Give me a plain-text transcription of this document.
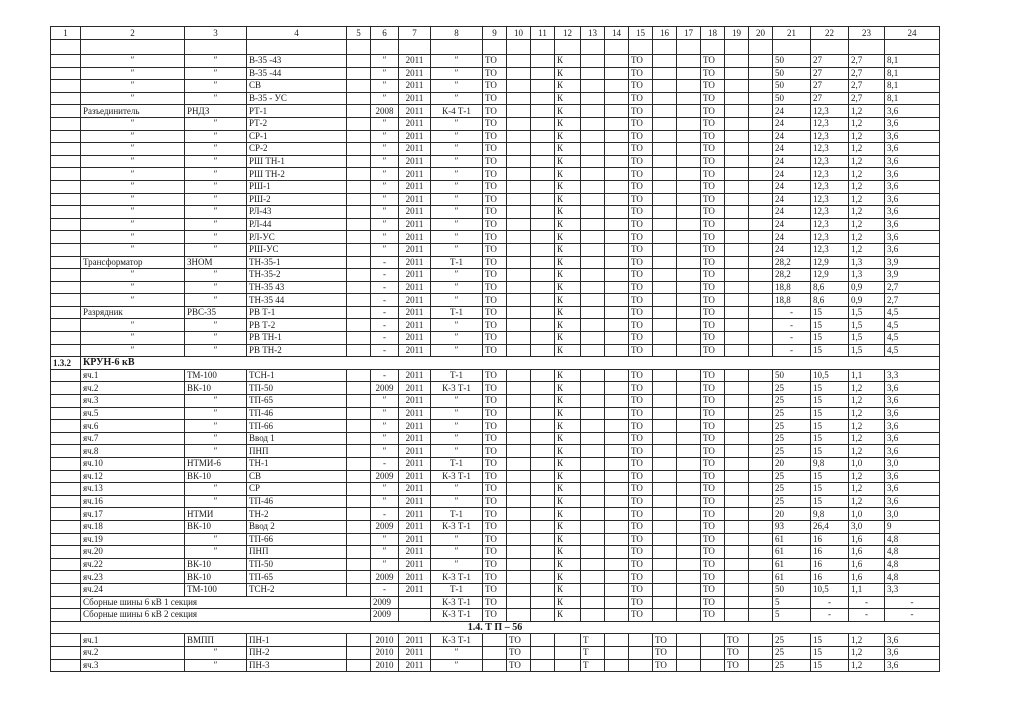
1	2	3	4	5	6	7	8	9	10	11	12	13	14	15	16	17	18	19	20	21	22	23	24

	″	″	В-35 -43		″	2011	″	ТО			К			ТО			ТО			50	27	2,7	8,1
	″	″	В-35 -44		″	2011	″	ТО			К			ТО			ТО			50	27	2,7	8,1
	″	″	СВ		″	2011	″	ТО			К			ТО			ТО			50	27	2,7	8,1
	″	″	В-35 - УС		″	2011	″	ТО			К			ТО			ТО			50	27	2,7	8,1
	Разъединитель	РНДЗ	РТ-1		2008	2011	К-4 Т-1	ТО			К			ТО			ТО			24	12,3	1,2	3,6
	″	″	РТ-2		″	2011	″	ТО			К			ТО			ТО			24	12,3	1,2	3,6
	″	″	СР-1		″	2011	″	ТО			К			ТО			ТО			24	12,3	1,2	3,6
	″	″	СР-2		″	2011	″	ТО			К			ТО			ТО			24	12,3	1,2	3,6
	″	″	РШ ТН-1		″	2011	″	ТО			К			ТО			ТО			24	12,3	1,2	3,6
	″	″	РШ ТН-2		″	2011	″	ТО			К			ТО			ТО			24	12,3	1,2	3,6
	″	″	РШ-1		″	2011	″	ТО			К			ТО			ТО			24	12,3	1,2	3,6
	″	″	РШ-2		″	2011	″	ТО			К			ТО			ТО			24	12,3	1,2	3,6
	″	″	РЛ-43		″	2011	″	ТО			К			ТО			ТО			24	12,3	1,2	3,6
	″	″	РЛ-44		″	2011	″	ТО			К			ТО			ТО			24	12,3	1,2	3,6
	″	″	РЛ-УС		″	2011	″	ТО			К			ТО			ТО			24	12,3	1,2	3,6
	″	″	РШ-УС		″	2011	″	ТО			К			ТО			ТО			24	12,3	1,2	3,6
	Трансформатор	ЗНОМ	ТН-35-1		-	2011	Т-1	ТО			К			ТО			ТО			28,2	12,9	1,3	3,9
	″	″	ТН-35-2		-	2011	″	ТО			К			ТО			ТО			28,2	12,9	1,3	3,9
	″	″	ТН-35 43		-	2011	″	ТО			К			ТО			ТО			18,8	8,6	0,9	2,7
	″	″	ТН-35 44		-	2011	″	ТО			К			ТО			ТО			18,8	8,6	0,9	2,7
	Разрядник	РВС-35	РВ Т-1		-	2011	Т-1	ТО			К			ТО			ТО			-	15	1,5	4,5
	″	″	РВ Т-2		-	2011	″	ТО			К			ТО			ТО			-	15	1,5	4,5
	″	″	РВ ТН-1		-	2011	″	ТО			К			ТО			ТО			-	15	1,5	4,5
	″	″	РВ ТН-2		-	2011	″	ТО			К			ТО			ТО			-	15	1,5	4,5
1.3.2	КРУН-6 кВ																						
	яч.1	ТМ-100	ТСН-1		-	2011	Т-1	ТО			К			ТО			ТО			50	10,5	1,1	3,3
	яч.2	ВК-10	ТП-50		2009	2011	К-3 Т-1	ТО			К			ТО			ТО			25	15	1,2	3,6
	яч.3	″	ТП-65		″	2011	″	ТО			К			ТО			ТО			25	15	1,2	3,6
	яч.5	″	ТП-46		″	2011	″	ТО			К			ТО			ТО			25	15	1,2	3,6
	яч.6	″	ТП-66		″	2011	″	ТО			К			ТО			ТО			25	15	1,2	3,6
	яч.7	″	Ввод 1		″	2011	″	ТО			К			ТО			ТО			25	15	1,2	3,6
	яч.8	″	ПНП		″	2011	″	ТО			К			ТО			ТО			25	15	1,2	3,6
	яч.10	НТМИ-6	ТН-1		-	2011	Т-1	ТО			К			ТО			ТО			20	9,8	1,0	3,0
	яч.12	ВК-10	СВ		2009	2011	К-3 Т-1	ТО			К			ТО			ТО			25	15	1,2	3,6
	яч.13	″	СР		″	2011	″	ТО			К			ТО			ТО			25	15	1,2	3,6
	яч.16	″	ТП-46		″	2011	″	ТО			К			ТО			ТО			25	15	1,2	3,6
	яч.17	НТМИ	ТН-2		-	2011	Т-1	ТО			К			ТО			ТО			20	9,8	1,0	3,0
	яч.18	ВК-10	Ввод 2		2009	2011	К-3 Т-1	ТО			К			ТО			ТО			93	26,4	3,0	9
	яч.19	″	ТП-66		″	2011	″	ТО			К			ТО			ТО			61	16	1,6	4,8
	яч.20	″	ПНП		″	2011	″	ТО			К			ТО			ТО			61	16	1,6	4,8
	яч.22	ВК-10	ТП-50		″	2011	″	ТО			К			ТО			ТО			61	16	1,6	4,8
	яч.23	ВК-10	ТП-65		2009	2011	К-3 Т-1	ТО			К			ТО			ТО			61	16	1,6	4,8
	яч.24	ТМ-100	ТСН-2		-	2011	Т-1	ТО			К			ТО			ТО			50	10,5	1,1	3,3
	Сборные шины 6 кВ 1 секция				2009		К-3 Т-1	ТО			К			ТО			ТО			5	-	-	-
	Сборные шины 6 кВ 2 секция				2009		К-3 Т-1	ТО			К			ТО			ТО			5	-	-	-
1.4. Т П – 56																							
	яч.1	ВМПП	ПН-1		2010	2011	К-3 Т-1		ТО			Т			ТО			ТО		25	15	1,2	3,6
	яч.2	″	ПН-2		2010	2011	″		ТО			Т			ТО			ТО		25	15	1,2	3,6
	яч.3	″	ПН-3		2010	2011	″		ТО			Т			ТО			ТО		25	15	1,2	3,6
